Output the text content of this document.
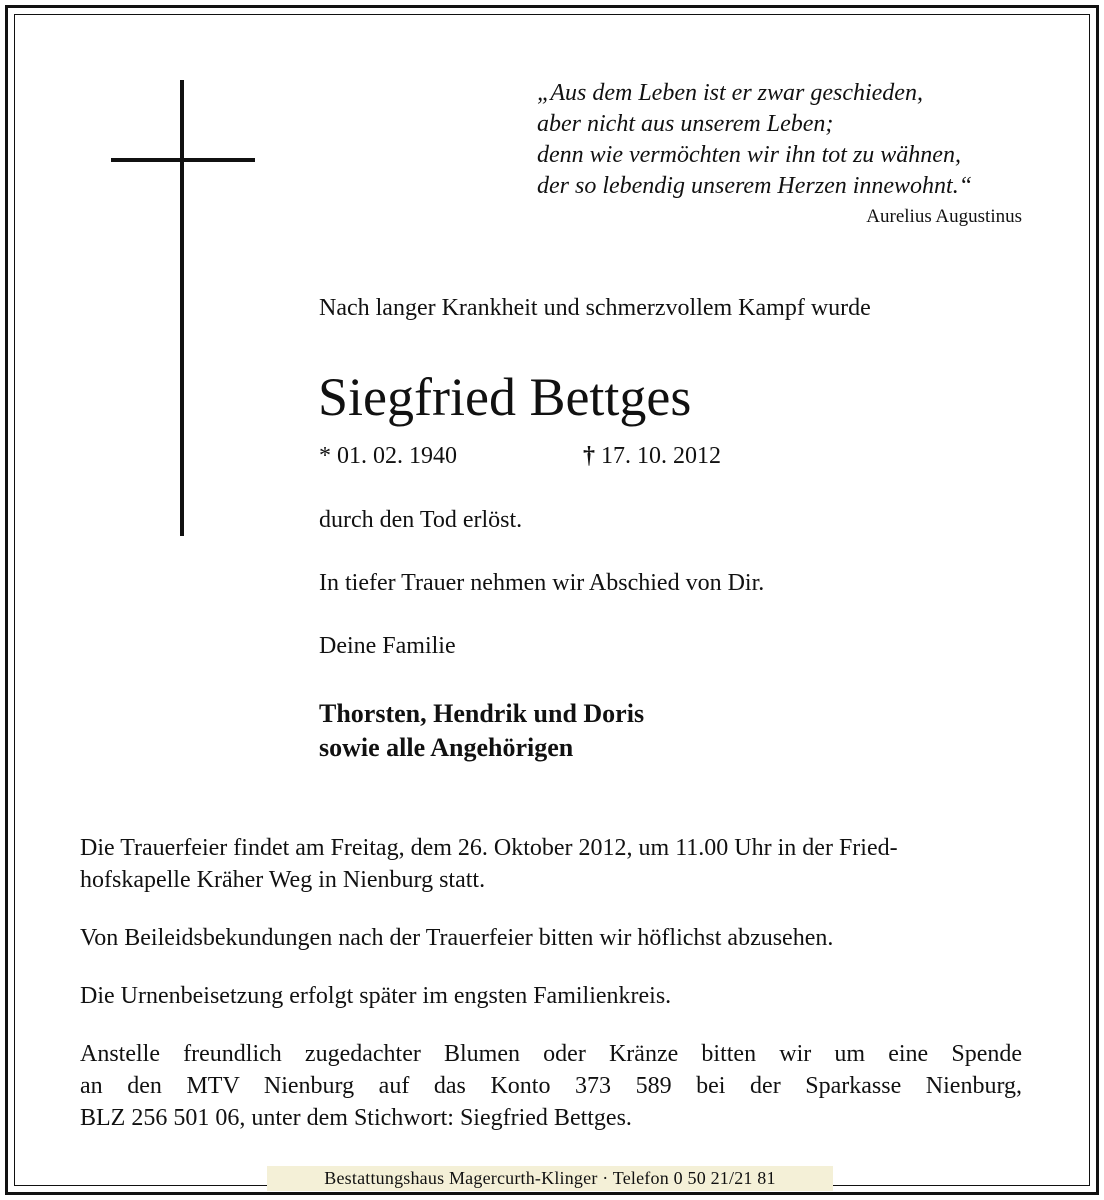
„Aus dem Leben ist er zwar geschieden,
aber nicht aus unserem Leben;
denn wie vermöchten wir ihn tot zu wähnen,
der so lebendig unserem Herzen innewohnt.“

Aurelius Augustinus
Nach langer Krankheit und schmerzvollem Kampf wurde
Siegfried Bettges
* 01. 02. 1940	† 17. 10. 2012
durch den Tod erlöst.
In tiefer Trauer nehmen wir Abschied von Dir.
Deine Familie
Thorsten, Hendrik und Doris
sowie alle Angehörigen

Die Trauerfeier findet am Freitag, dem 26. Oktober 2012, um 11.00 Uhr in der Fried-
hofskapelle Kräher Weg in Nienburg statt.

Von Beileidsbekundungen nach der Trauerfeier bitten wir höflichst abzusehen.

Die Urnenbeisetzung erfolgt später im engsten Familienkreis.

Anstelle freundlich zugedachter Blumen oder Kränze bitten wir um eine Spende
an den MTV Nienburg auf das Konto 373 589 bei der Sparkasse Nienburg,
BLZ 256 501 06, unter dem Stichwort: Siegfried Bettges.

Bestattungshaus Magercurth-Klinger · Telefon 0 50 21/21 81
